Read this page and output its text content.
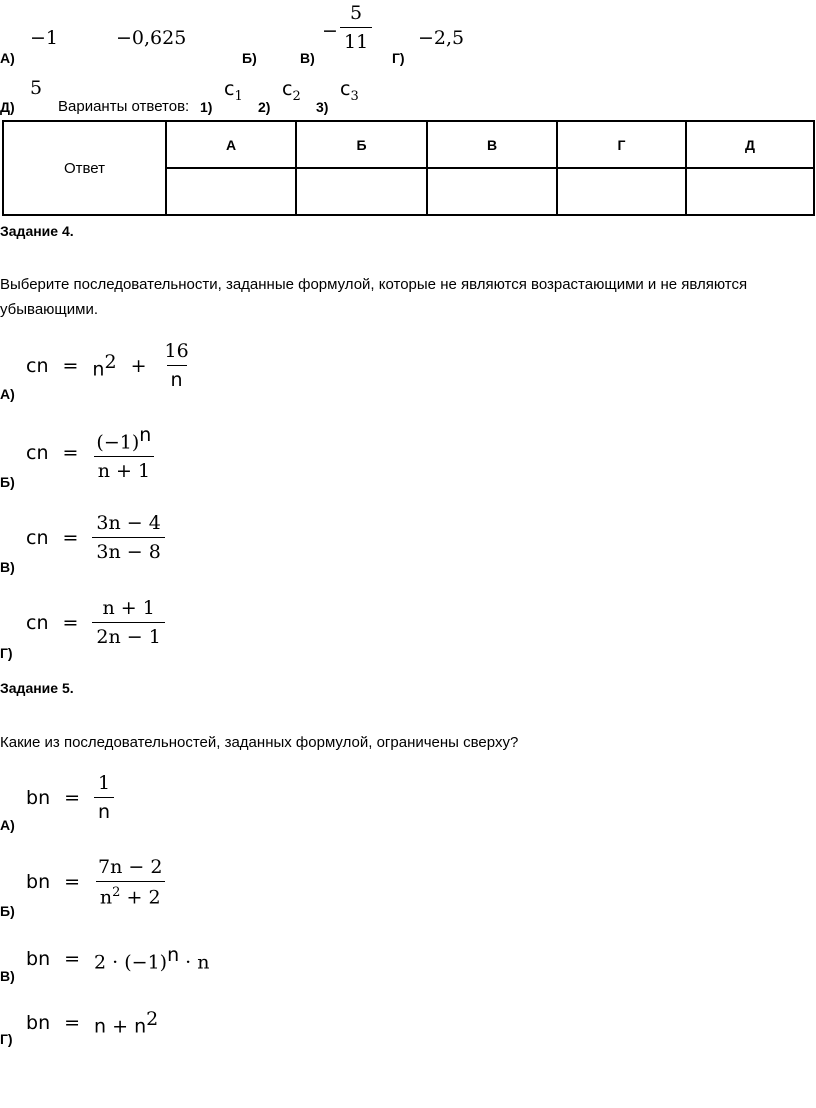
А)
−1	−0,625
Б)	В)
− $\frac{5}{11}$
Г)
−2,5
Д)
5
Варианты ответов: 1)
$c_1$
2)
$c_2$
3)
$c_3$
Ответ	А	Б	В	Г	Д

Задание 4.
Выберите последовательности, заданные формулой, которые не являются возрастающими и не являются
убывающими.
А)
cn = $n^2 + \frac{16}{n}$
Б)
cn = $\frac{(-1)^n}{n + 1}$
В)
cn = $\frac{3n - 4}{3n - 8}$
Г)
cn = $\frac{n + 1}{2n - 1}$
Задание 5.
Какие из последовательностей, заданных формулой, ограничены сверху?
А)
bn = $\frac{1}{n}$
Б)
bn = $\frac{7n - 2}{n^2 + 2}$
В)
bn = $2 \cdot (-1)^n \cdot n$
Г)
bn = $n + n^2$
